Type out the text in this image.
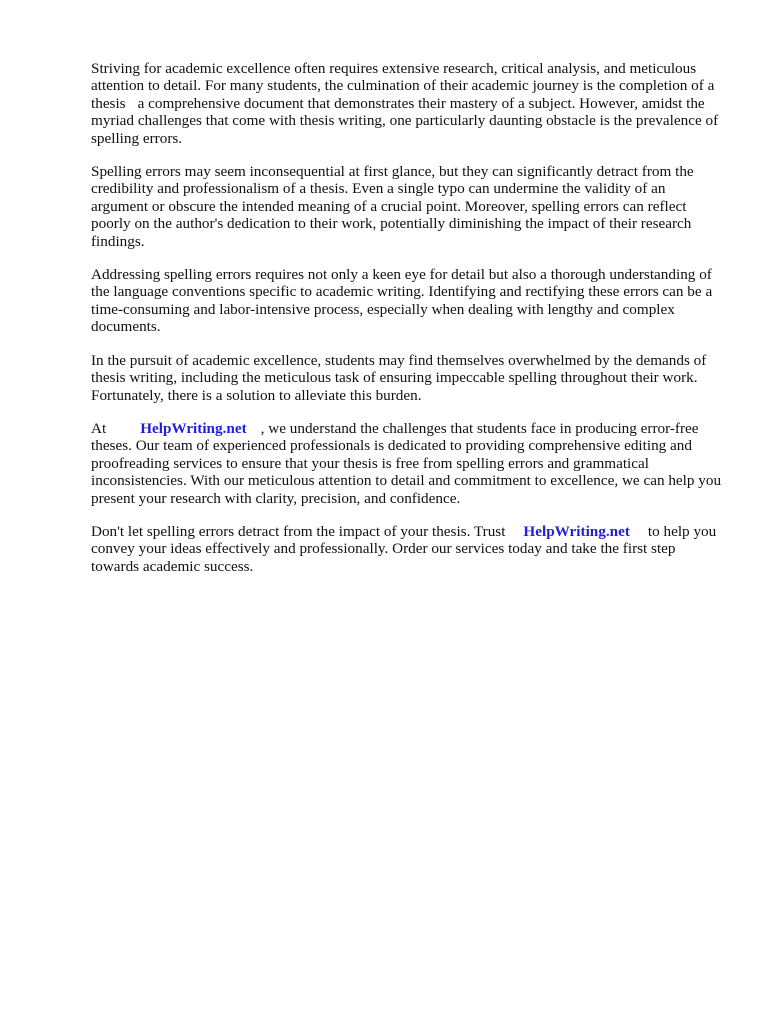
Striving for academic excellence often requires extensive research, critical analysis, and meticulous attention to detail. For many students, the culmination of their academic journey is the completion of a thesis a comprehensive document that demonstrates their mastery of a subject. However, amidst the myriad challenges that come with thesis writing, one particularly daunting obstacle is the prevalence of spelling errors.

Spelling errors may seem inconsequential at first glance, but they can significantly detract from the credibility and professionalism of a thesis. Even a single typo can undermine the validity of an argument or obscure the intended meaning of a crucial point. Moreover, spelling errors can reflect poorly on the author's dedication to their work, potentially diminishing the impact of their research findings.

Addressing spelling errors requires not only a keen eye for detail but also a thorough understanding of the language conventions specific to academic writing. Identifying and rectifying these errors can be a time-consuming and labor-intensive process, especially when dealing with lengthy and complex documents.

In the pursuit of academic excellence, students may find themselves overwhelmed by the demands of thesis writing, including the meticulous task of ensuring impeccable spelling throughout their work. Fortunately, there is a solution to alleviate this burden.

At HelpWriting.net , we understand the challenges that students face in producing error-free theses. Our team of experienced professionals is dedicated to providing comprehensive editing and proofreading services to ensure that your thesis is free from spelling errors and grammatical inconsistencies. With our meticulous attention to detail and commitment to excellence, we can help you present your research with clarity, precision, and confidence.

Don't let spelling errors detract from the impact of your thesis. Trust HelpWriting.net to help you convey your ideas effectively and professionally. Order our services today and take the first step towards academic success.
